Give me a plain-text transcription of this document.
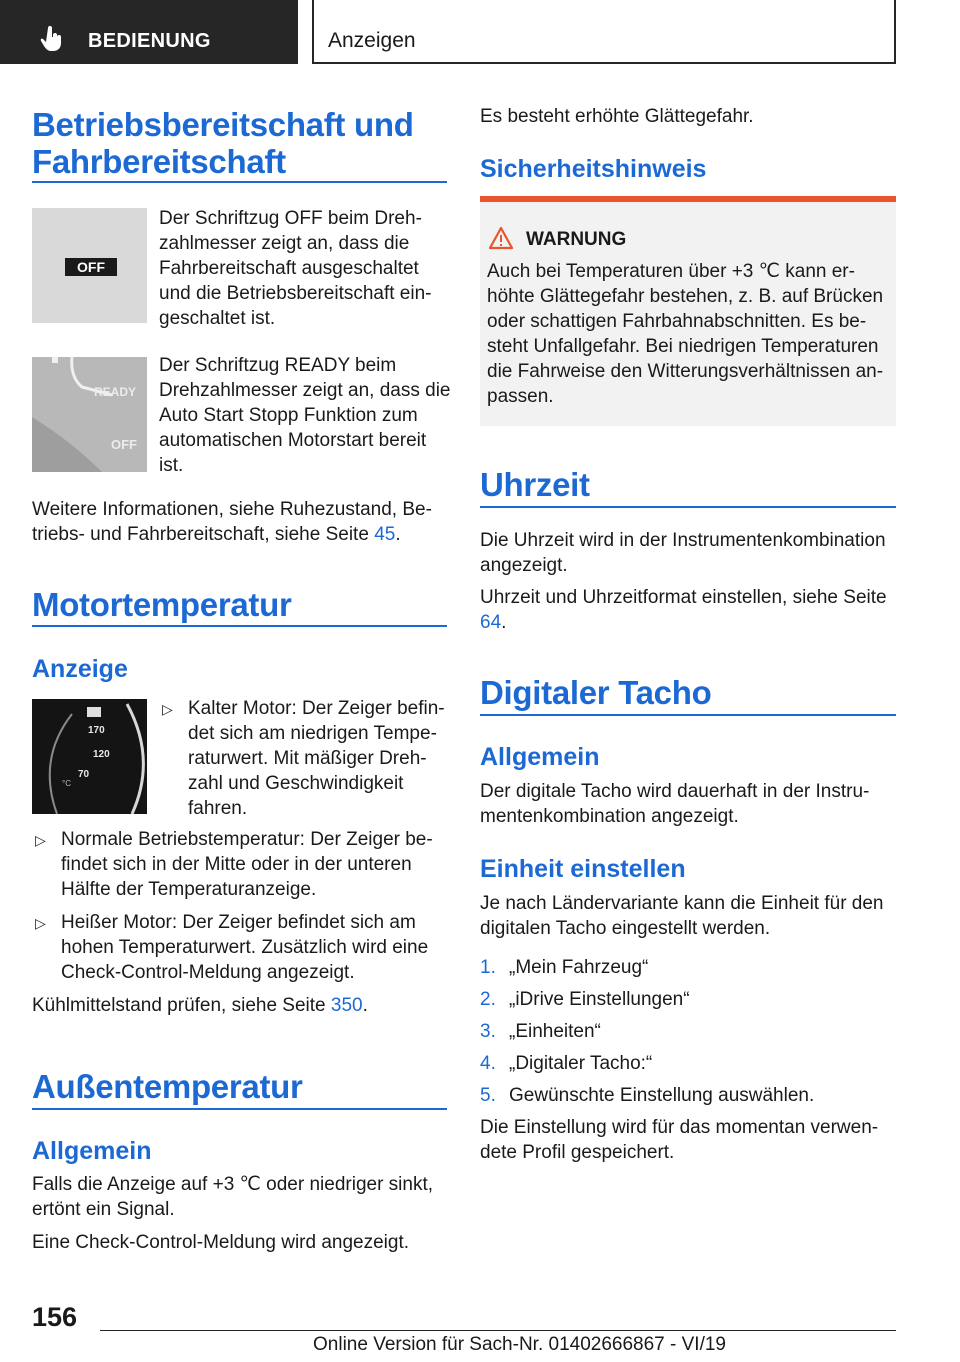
BEDIENUNG	Anzeigen
Betriebsbereitschaft und Fahrbereitschaft
OFF
Der Schriftzug OFF beim Dreh-zahlmesser zeigt an, dass die Fahrbereitschaft ausgeschaltet und die Betriebsbereitschaft ein-geschaltet ist.
READY
OFF
Der Schriftzug READY beim Drehzahlmesser zeigt an, dass die Auto Start Stopp Funktion zum automatischen Motorstart bereit ist.
Weitere Informationen, siehe Ruhezustand, Be-triebs- und Fahrbereitschaft, siehe Seite 45.
Motortemperatur
Anzeige
170
120
70
°C
▷ Kalter Motor: Der Zeiger befin-det sich am niedrigen Tempe-raturwert. Mit mäßiger Dreh-zahl und Geschwindigkeit fahren.
▷ Normale Betriebstemperatur: Der Zeiger be-findet sich in der Mitte oder in der unteren Hälfte der Temperaturanzeige.
▷ Heißer Motor: Der Zeiger befindet sich am hohen Temperaturwert. Zusätzlich wird eine Check-Control-Meldung angezeigt.
Kühlmittelstand prüfen, siehe Seite 350.
Außentemperatur
Allgemein
Falls die Anzeige auf +3 ℃ oder niedriger sinkt, ertönt ein Signal.
Eine Check-Control-Meldung wird angezeigt.
Es besteht erhöhte Glättegefahr.
Sicherheitshinweis
WARNUNG
Auch bei Temperaturen über +3 ℃ kann er-höhte Glättegefahr bestehen, z. B. auf Brücken oder schattigen Fahrbahnabschnitten. Es be-steht Unfallgefahr. Bei niedrigen Temperaturen die Fahrweise den Witterungsverhältnissen an-passen.
Uhrzeit
Die Uhrzeit wird in der Instrumentenkombination angezeigt.
Uhrzeit und Uhrzeitformat einstellen, siehe Seite 64.
Digitaler Tacho
Allgemein
Der digitale Tacho wird dauerhaft in der Instru-mentenkombination angezeigt.
Einheit einstellen
Je nach Ländervariante kann die Einheit für den digitalen Tacho eingestellt werden.
1. „Mein Fahrzeug“
2. „iDrive Einstellungen“
3. „Einheiten“
4. „Digitaler Tacho:“
5. Gewünschte Einstellung auswählen.
Die Einstellung wird für das momentan verwen-dete Profil gespeichert.
156
Online Version für Sach-Nr. 01402666867 - VI/19
